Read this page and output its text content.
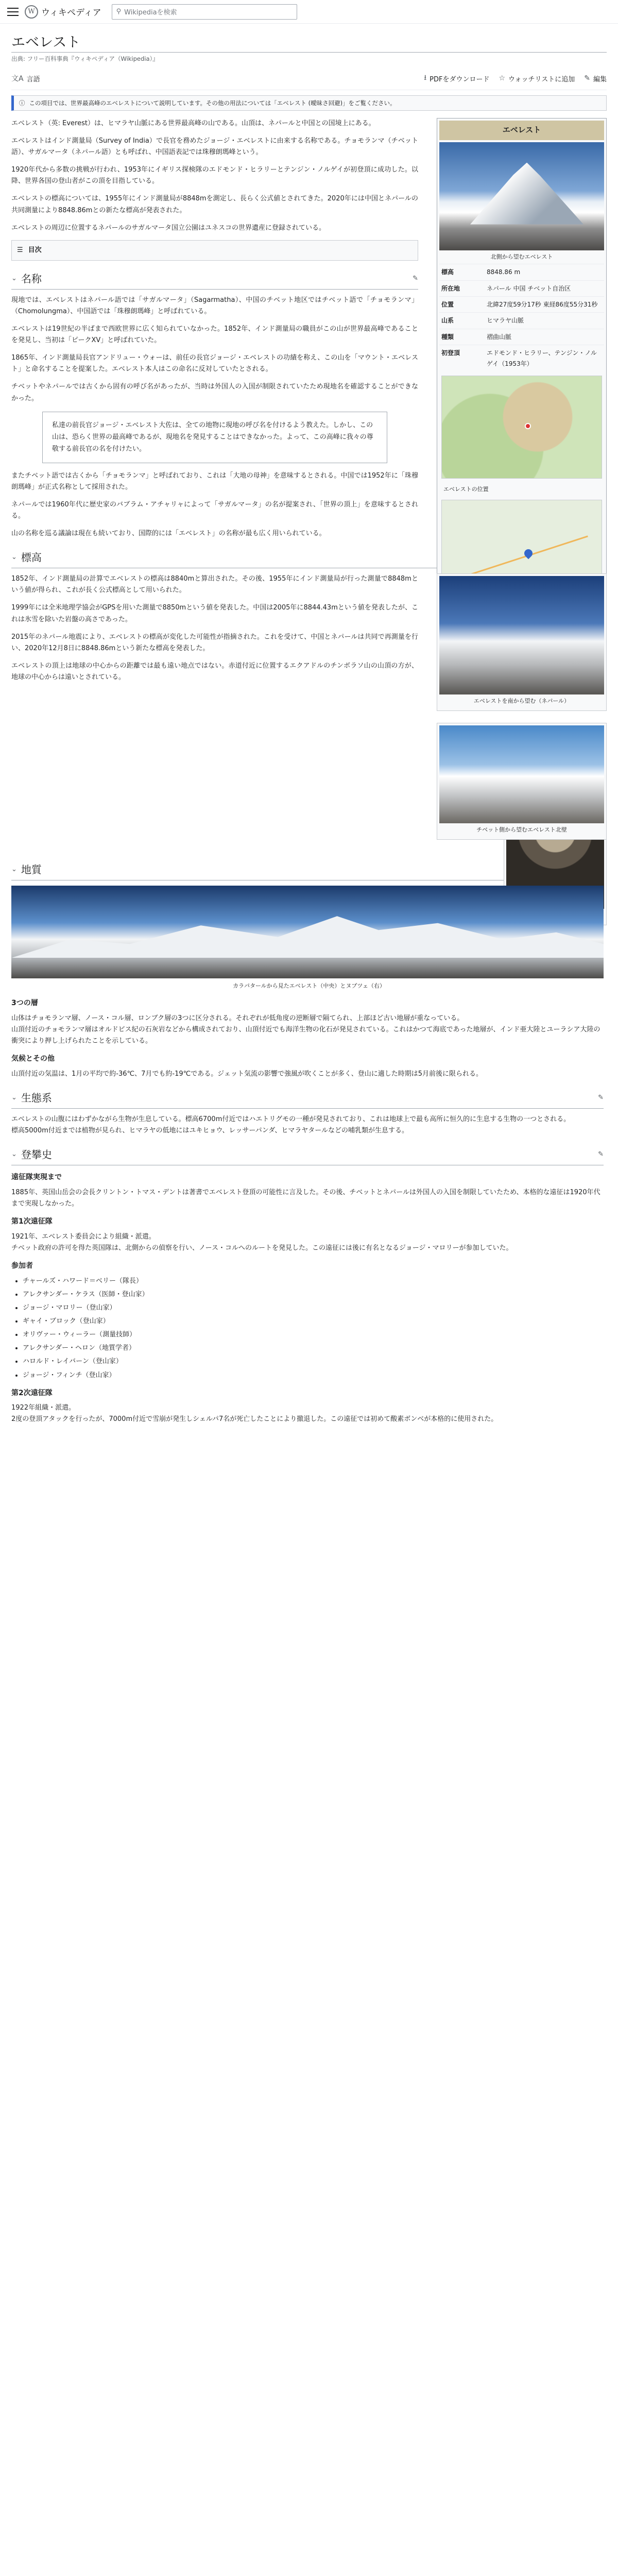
W ウィキペディア ⚲ Wikipediaを検索
エベレスト
出典: フリー百科事典『ウィキペディア（Wikipedia）』
文A 言語	⭳ PDFをダウンロード ☆ ウォッチリストに追加 ✎ 編集
ⓘ この項目では、世界最高峰のエベレストについて説明しています。その他の用法については「エベレスト (曖昧さ回避)」をご覧ください。
エベレスト
北側から望むエベレスト
標高	8848.86 m
所在地	ネパール 中国 チベット自治区
位置	北緯27度59分17秒 東経86度55分31秒
山系	ヒマラヤ山脈
種類	褶曲山脈
初登頂	エドモンド・ヒラリー、テンジン・ノルゲイ（1953年）
エベレストの位置

エベレスト（英: Everest）は、ヒマラヤ山脈にある世界最高峰の山である。山頂は、ネパールと中国との国境上にある。

エベレストはインド測量局（Survey of India）で長官を務めたジョージ・エベレストに由来する名称である。チョモランマ（チベット語）、サガルマータ（ネパール語）とも呼ばれ、中国語表記では珠穆朗瑪峰という。

1920年代から多数の挑戦が行われ、1953年にイギリス探検隊のエドモンド・ヒラリーとテンジン・ノルゲイが初登頂に成功した。以降、世界各国の登山者がこの頂を目指している。

エベレストの標高については、1955年にインド測量局が8848mを測定し、長らく公式値とされてきた。2020年には中国とネパールの共同測量により8848.86mとの新たな標高が発表された。

エベレストの周辺に位置するネパールのサガルマータ国立公園はユネスコの世界遺産に登録されている。

☰ 目次
⌄ 名称	✎

現地では、エベレストはネパール語では「サガルマータ」（Sagarmatha）、中国のチベット地区ではチベット語で「チョモランマ」（Chomolungma）、中国語では「珠穆朗瑪峰」と呼ばれている。

エベレストは19世紀の半ばまで西欧世界に広く知られていなかった。1852年、インド測量局の職員がこの山が世界最高峰であることを発見し、当初は「ピークXV」と呼ばれていた。

1865年、インド測量局長官アンドリュー・ウォーは、前任の長官ジョージ・エベレストの功績を称え、この山を「マウント・エベレスト」と命名することを提案した。エベレスト本人はこの命名に反対していたとされる。

チベットやネパールでは古くから固有の呼び名があったが、当時は外国人の入国が制限されていたため現地名を確認することができなかった。

私達の前長官ジョージ・エベレスト大佐は、全ての地物に現地の呼び名を付けるよう教えた。しかし、この山は、恐らく世界の最高峰であるが、現地名を発見することはできなかった。よって、この高峰に我々の尊敬する前長官の名を付けたい。

またチベット語では古くから「チョモランマ」と呼ばれており、これは「大地の母神」を意味するとされる。中国では1952年に「珠穆朗瑪峰」が正式名称として採用された。

ネパールでは1960年代に歴史家のバブラム・アチャリャによって「サガルマータ」の名が提案され、「世界の頂上」を意味するとされる。

山の名称を巡る議論は現在も続いており、国際的には「エベレスト」の名称が最も広く用いられている。

⌄ 標高
エベレストを南から望む（ネパール）
チベット側から望むエベレスト北壁

1852年、インド測量局の計算でエベレストの標高は8840mと算出された。その後、1955年にインド測量局が行った測量で8848mという値が得られ、これが長く公式標高として用いられた。

1999年には全米地理学協会がGPSを用いた測量で8850mという値を発表した。中国は2005年に8844.43mという値を発表したが、これは氷雪を除いた岩盤の高さであった。

2015年のネパール地震により、エベレストの標高が変化した可能性が指摘された。これを受けて、中国とネパールは共同で再測量を行い、2020年12月8日に8848.86mという新たな標高を発表した。

エベレストの頂上は地球の中心からの距離では最も遠い地点ではない。赤道付近に位置するエクアドルのチンボラソ山の山頂の方が、地球の中心からは遠いとされている。

⌄ 地質
カラパタールから見たエベレスト（中央）とヌプツェ（右）
3つの層

山体はチョモランマ層、ノース・コル層、ロンブク層の3つに区分される。それぞれが低角度の逆断層で隔てられ、上部ほど古い地層が重なっている。

山頂付近のチョモランマ層はオルドビス紀の石灰岩などから構成されており、山頂付近でも海洋生物の化石が発見されている。これはかつて海底であった地層が、インド亜大陸とユーラシア大陸の衝突により押し上げられたことを示している。

気候とその他

山頂付近の気温は、1月の平均で約-36℃、7月でも約-19℃である。ジェット気流の影響で強風が吹くことが多く、登山に適した時期は5月前後に限られる。

⌄ 生態系	✎

エベレストの山腹にはわずかながら生物が生息している。標高6700m付近ではハエトリグモの一種が発見されており、これは地球上で最も高所に恒久的に生息する生物の一つとされる。

標高5000m付近までは植物が見られ、ヒマラヤの低地にはユキヒョウ、レッサーパンダ、ヒマラヤタールなどの哺乳類が生息する。

⌄ 登攀史	✎
遠征隊実現まで

1885年、英国山岳会の会長クリントン・トマス・デントは著書でエベレスト登頂の可能性に言及した。その後、チベットとネパールは外国人の入国を制限していたため、本格的な遠征は1920年代まで実現しなかった。

第1次遠征隊

1921年、エベレスト委員会により組織・派遣。

チベット政府の許可を得た英国隊は、北側からの偵察を行い、ノース・コルへのルートを発見した。この遠征には後に有名となるジョージ・マロリーが参加していた。

参加者
• チャールズ・ハワード＝ベリー（隊長）
• アレクサンダー・ケラス（医師・登山家）
• ジョージ・マロリー（登山家）
• ギャイ・ブロック（登山家）
• オリヴァー・ウィーラー（測量技師）
• アレクサンダー・ヘロン（地質学者）
• ハロルド・レイバーン（登山家）
• ジョージ・フィンチ（登山家）
第2次遠征隊

1922年組織・派遣。

2度の登頂アタックを行ったが、7000m付近で雪崩が発生しシェルパ7名が死亡したことにより撤退した。この遠征では初めて酸素ボンベが本格的に使用された。
